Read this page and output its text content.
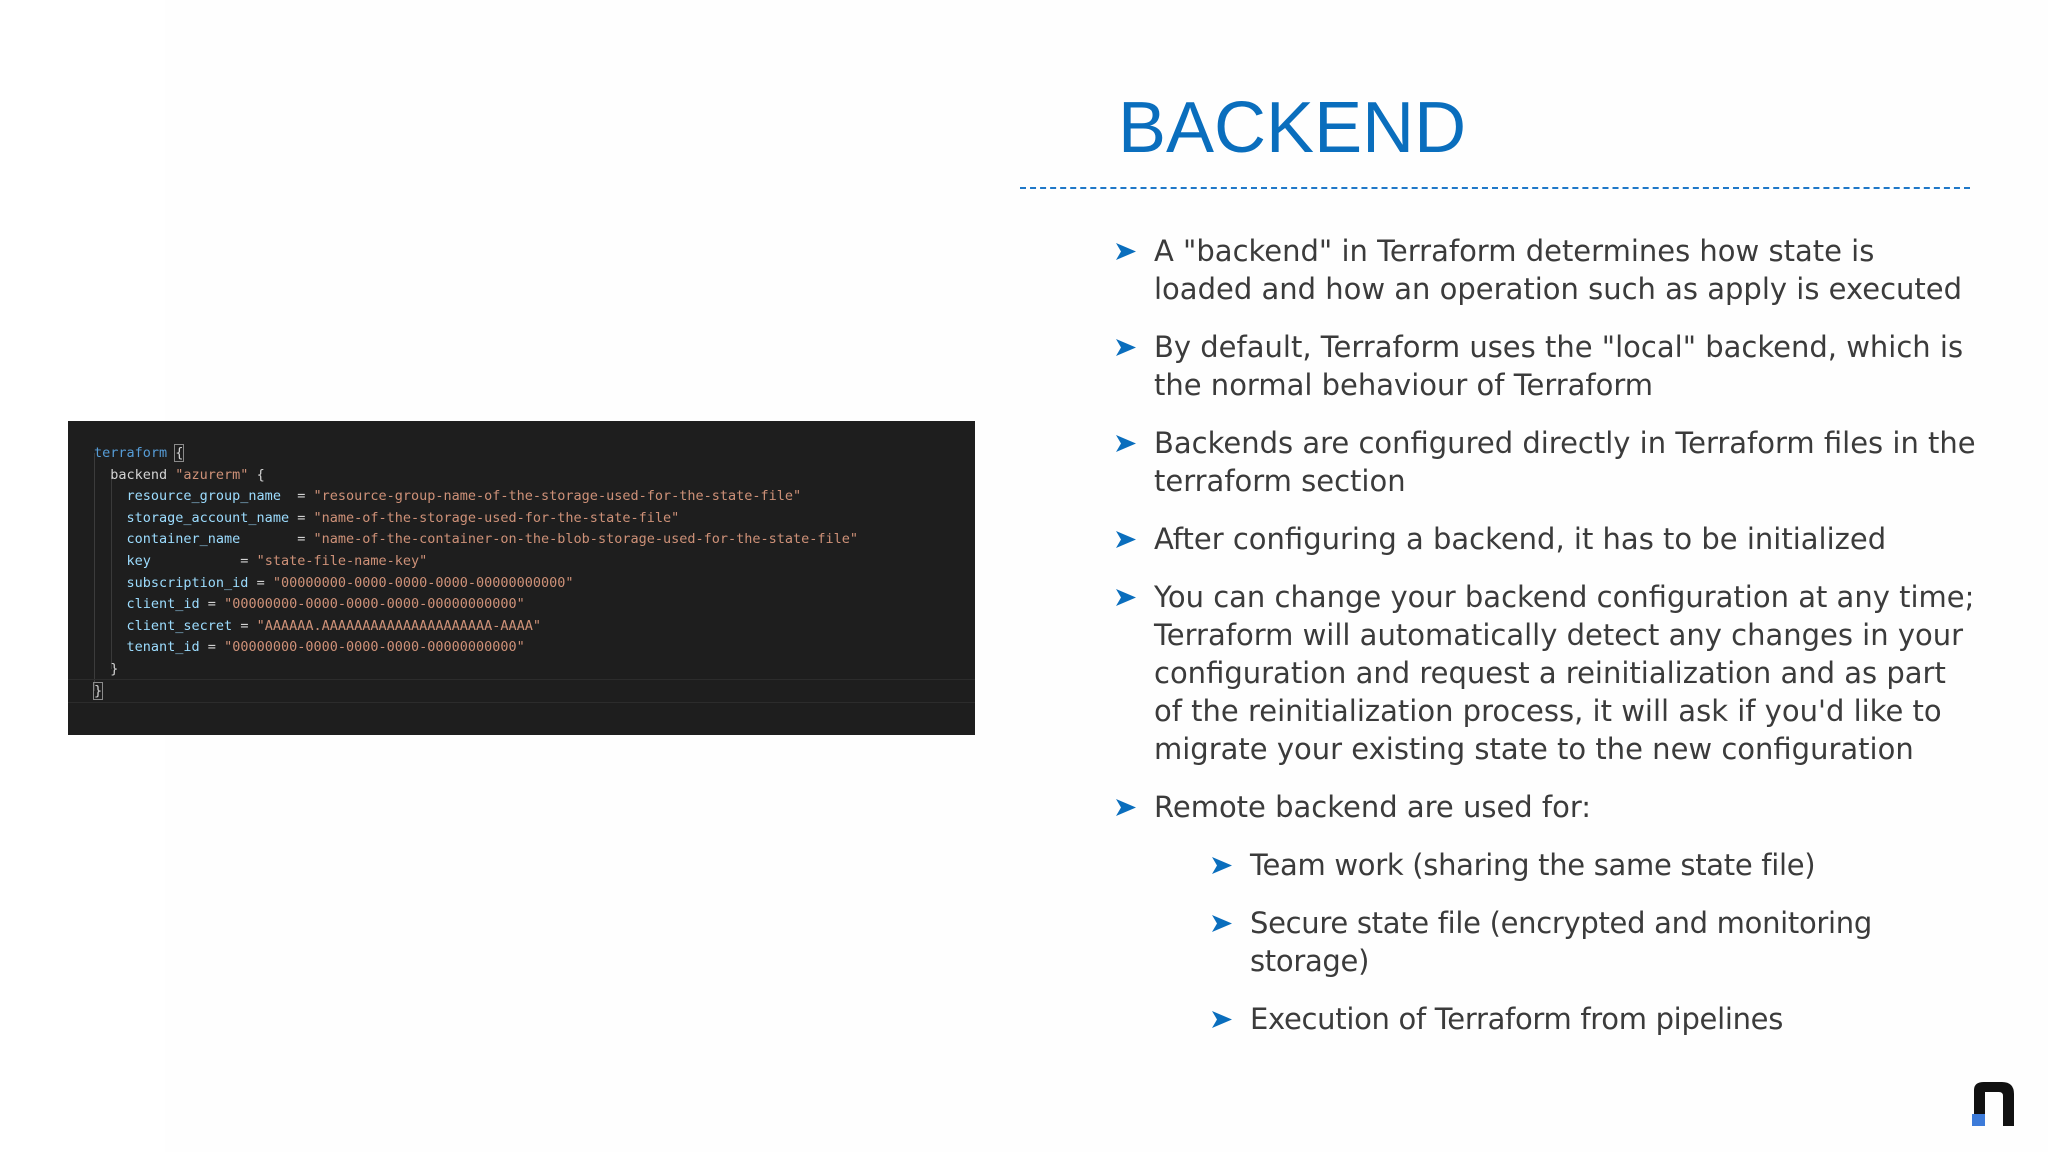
BACKEND
terraform {
backend "azurerm" {
resource_group_name  = "resource-group-name-of-the-storage-used-for-the-state-file"
storage_account_name = "name-of-the-storage-used-for-the-state-file"
container_name       = "name-of-the-container-on-the-blob-storage-used-for-the-state-file"
key           = "state-file-name-key"
subscription_id = "00000000-0000-0000-0000-00000000000"
client_id = "00000000-0000-0000-0000-00000000000"
client_secret = "AAAAAA.AAAAAAAAAAAAAAAAAAAAA-AAAA"
tenant_id = "00000000-0000-0000-0000-00000000000"
}
}
A "backend" in Terraform determines how state is loaded and how an operation such as apply is executed
By default, Terraform uses the "local" backend, which is the normal behaviour of Terraform
Backends are configured directly in Terraform files in the terraform section
After configuring a backend, it has to be initialized
You can change your backend configuration at any time; Terraform will automatically detect any changes in your configuration and request a reinitialization and as part of the reinitialization process, it will ask if you'd like to migrate your existing state to the new configuration
Remote backend are used for:
Team work (sharing the same state file)
Secure state file (encrypted and monitoring storage)
Execution of Terraform from pipelines
